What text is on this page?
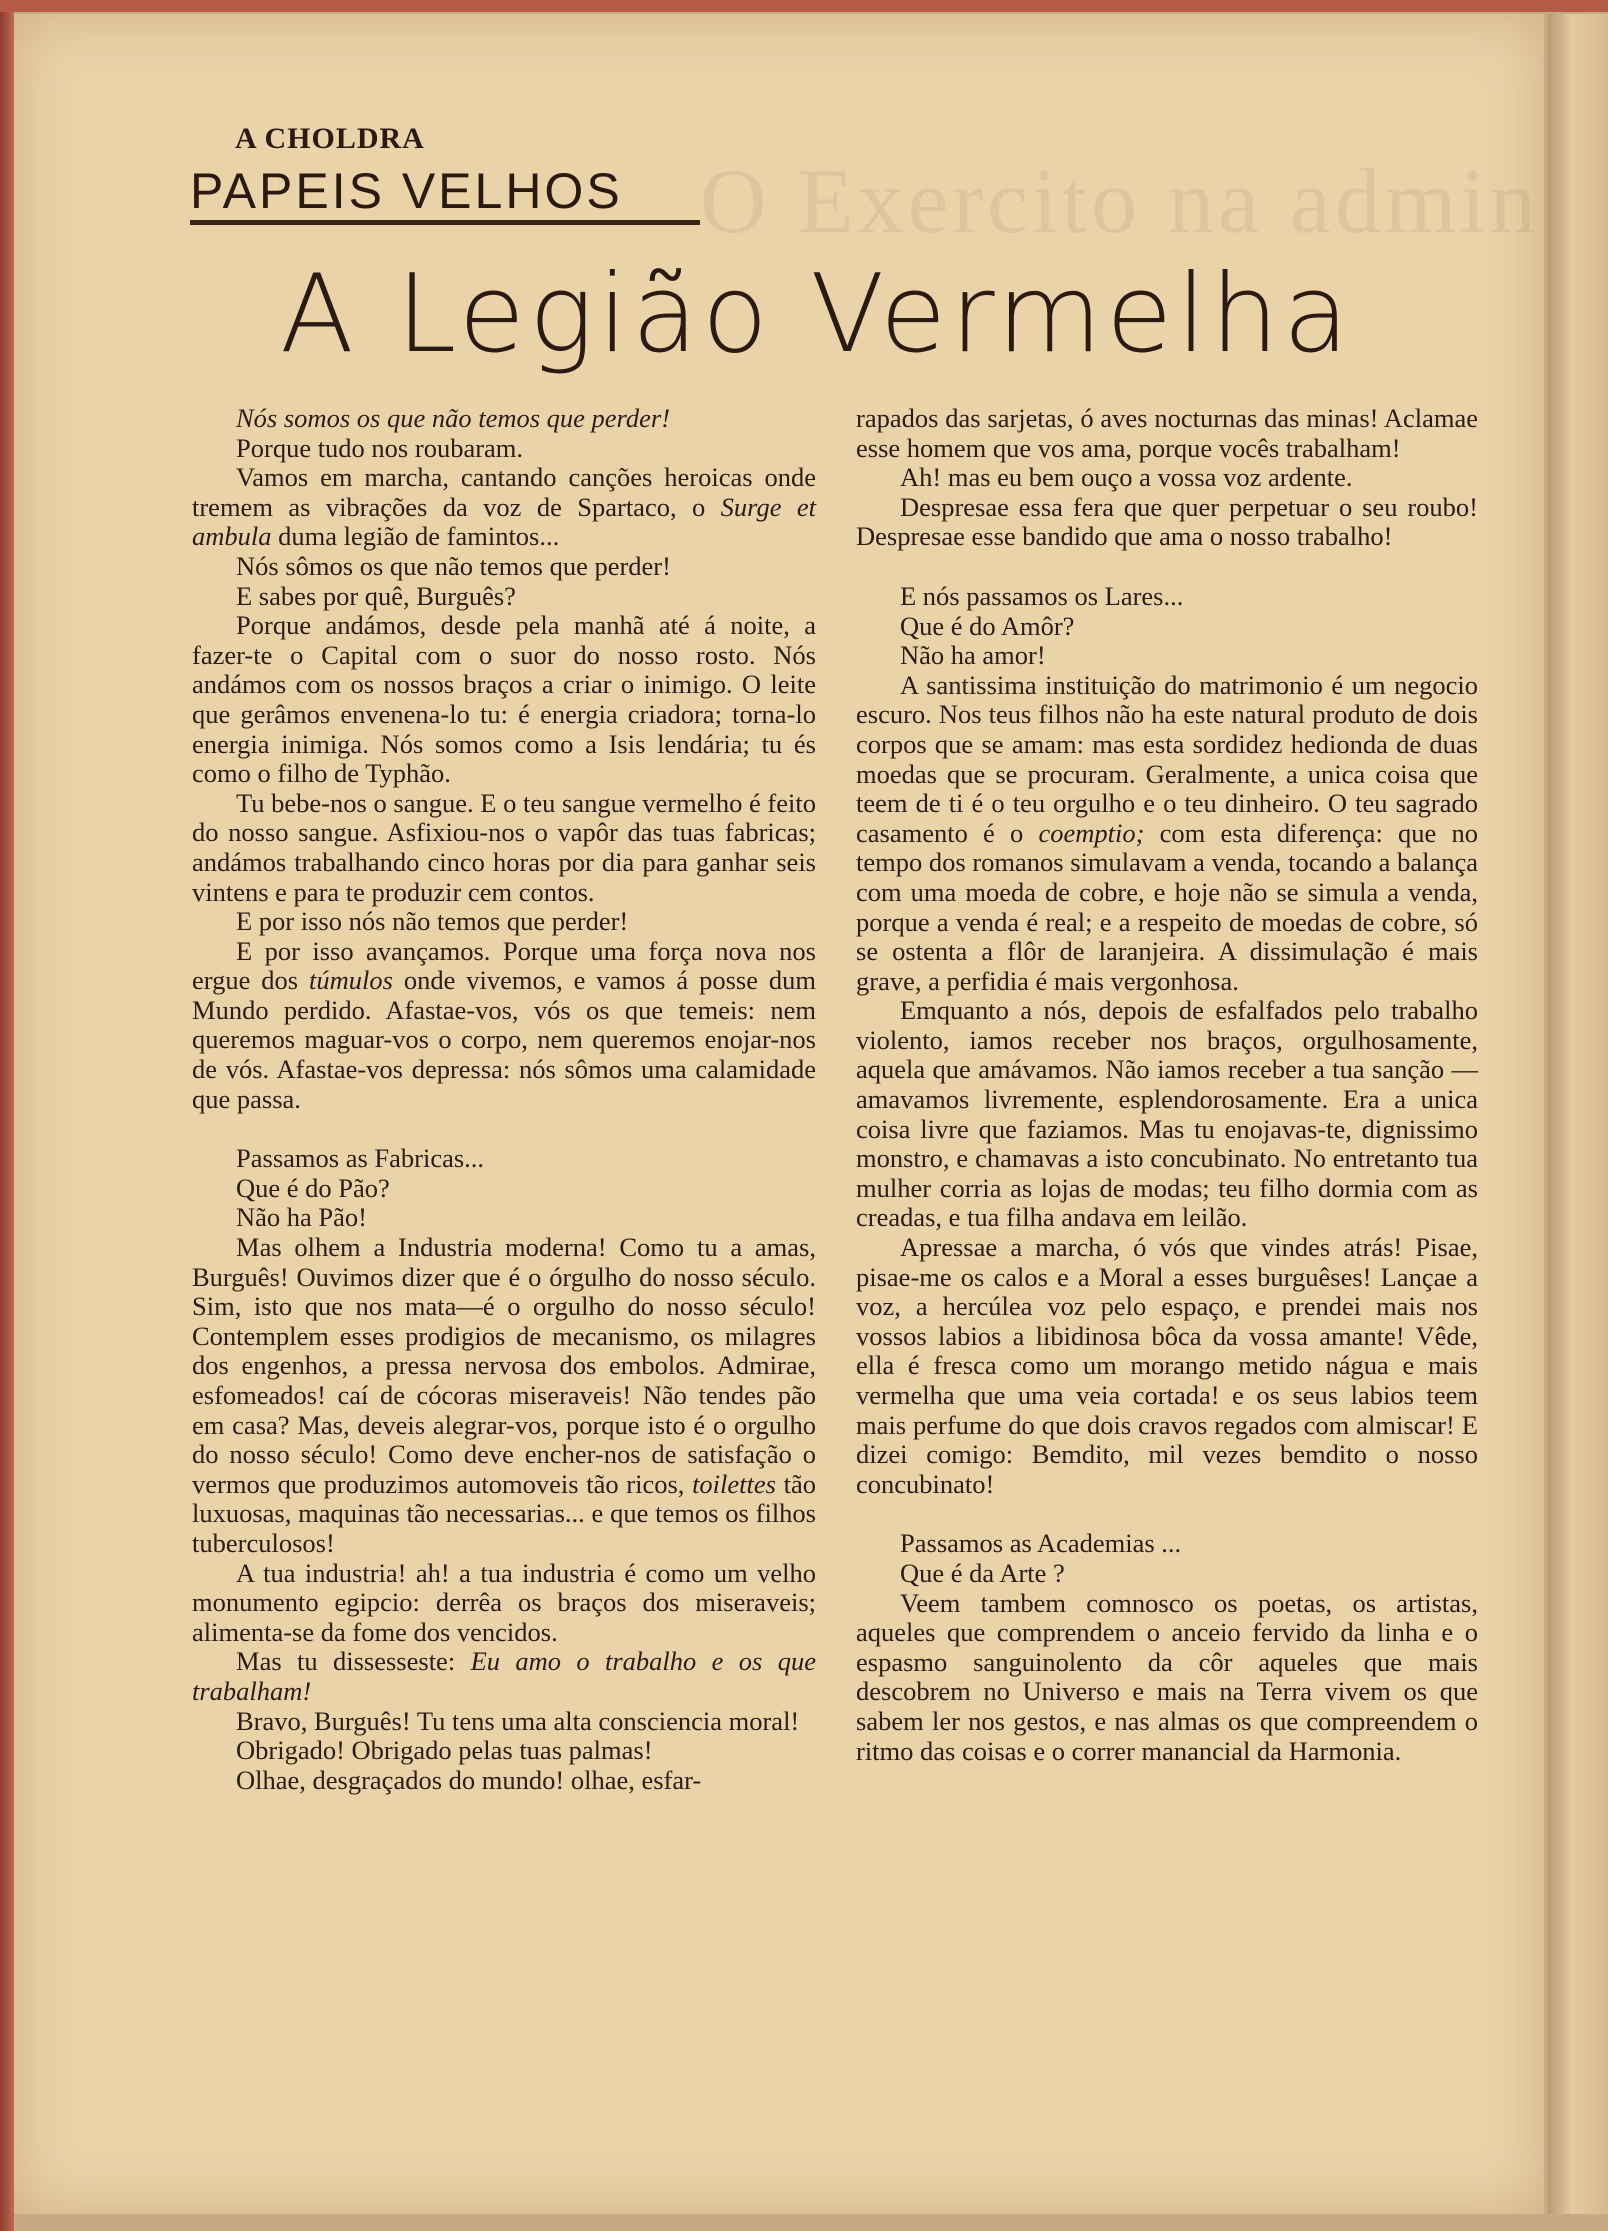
O Exercito na admin
A CHOLDRA
PAPEIS VELHOS
A Legião Vermelha

Nós somos os que não temos que perder!

Porque tudo nos roubaram.

Vamos em marcha, cantando canções heroicas onde tremem as vibrações da voz de Spartaco, o Surge et ambula duma legião de famintos...

Nós sômos os que não temos que perder!

E sabes por quê, Burguês?

Porque andámos, desde pela manhã até á noite, a fazer-te o Capital com o suor do nosso rosto. Nós andámos com os nossos braços a criar o inimigo. O leite que gerâmos envenena-lo tu: é energia criadora; torna-lo energia inimiga. Nós somos como a Isis lendária; tu és como o filho de Typhão.

Tu bebe-nos o sangue. E o teu sangue vermelho é feito do nosso sangue. Asfixiou-nos o vapôr das tuas fabricas; andámos trabalhando cinco horas por dia para ganhar seis vintens e para te produzir cem contos.

E por isso nós não temos que perder!

E por isso avançamos. Porque uma força nova nos ergue dos túmulos onde vivemos, e vamos á posse dum Mundo perdido. Afastae-vos, vós os que temeis: nem queremos maguar-vos o corpo, nem queremos enojar-nos de vós. Afastae-vos depressa: nós sômos uma calamidade que passa.

Passamos as Fabricas...

Que é do Pão?

Não ha Pão!

Mas olhem a Industria moderna! Como tu a amas, Burguês! Ouvimos dizer que é o órgulho do nosso século. Sim, isto que nos mata—é o orgulho do nosso século! Contemplem esses prodigios de mecanismo, os milagres dos engenhos, a pressa nervosa dos embolos. Admirae, esfomeados! caí de cócoras miseraveis! Não tendes pão em casa? Mas, deveis alegrar-vos, porque isto é o orgulho do nosso século! Como deve encher-nos de satisfação o vermos que produzimos automoveis tão ricos, toilettes tão luxuosas, maquinas tão necessarias... e que temos os filhos tuberculosos!

A tua industria! ah! a tua industria é como um velho monumento egipcio: derrêa os braços dos miseraveis; alimenta-se da fome dos vencidos.

Mas tu dissesseste: Eu amo o trabalho e os que trabalham!

Bravo, Burguês! Tu tens uma alta consciencia moral!

Obrigado! Obrigado pelas tuas palmas!

Olhae, desgraçados do mundo! olhae, esfar-

rapados das sarjetas, ó aves nocturnas das minas! Aclamae esse homem que vos ama, porque vocês trabalham!

Ah! mas eu bem ouço a vossa voz ardente.

Despresae essa fera que quer perpetuar o seu roubo! Despresae esse bandido que ama o nosso trabalho!

E nós passamos os Lares...

Que é do Amôr?

Não ha amor!

A santissima instituição do matrimonio é um negocio escuro. Nos teus filhos não ha este natural produto de dois corpos que se amam: mas esta sordidez hedionda de duas moedas que se procuram. Geralmente, a unica coisa que teem de ti é o teu orgulho e o teu dinheiro. O teu sagrado casamento é o coemptio; com esta diferença: que no tempo dos romanos simulavam a venda, tocando a balança com uma moeda de cobre, e hoje não se simula a venda, porque a venda é real; e a respeito de moedas de cobre, só se ostenta a flôr de laranjeira. A dissimulação é mais grave, a perfidia é mais vergonhosa.

Emquanto a nós, depois de esfalfados pelo trabalho violento, iamos receber nos braços, orgulhosamente, aquela que amávamos. Não iamos receber a tua sanção — amavamos livremente, esplendorosamente. Era a unica coisa livre que faziamos. Mas tu enojavas-te, dignissimo monstro, e chamavas a isto concubinato. No entretanto tua mulher corria as lojas de modas; teu filho dormia com as creadas, e tua filha andava em leilão.

Apressae a marcha, ó vós que vindes atrás! Pisae, pisae-me os calos e a Moral a esses burguêses! Lançae a voz, a hercúlea voz pelo espaço, e prendei mais nos vossos labios a libidinosa bôca da vossa amante! Vêde, ella é fresca como um morango metido nágua e mais vermelha que uma veia cortada! e os seus labios teem mais perfume do que dois cravos regados com almiscar! E dizei comigo: Bemdito, mil vezes bemdito o nosso concubinato!

Passamos as Academias ...

Que é da Arte ?

Veem tambem comnosco os poetas, os artistas, aqueles que comprendem o anceio fervido da linha e o espasmo sanguinolento da côr aqueles que mais descobrem no Universo e mais na Terra vivem os que sabem ler nos gestos, e nas almas os que compreendem o ritmo das coisas e o correr manancial da Harmonia.
